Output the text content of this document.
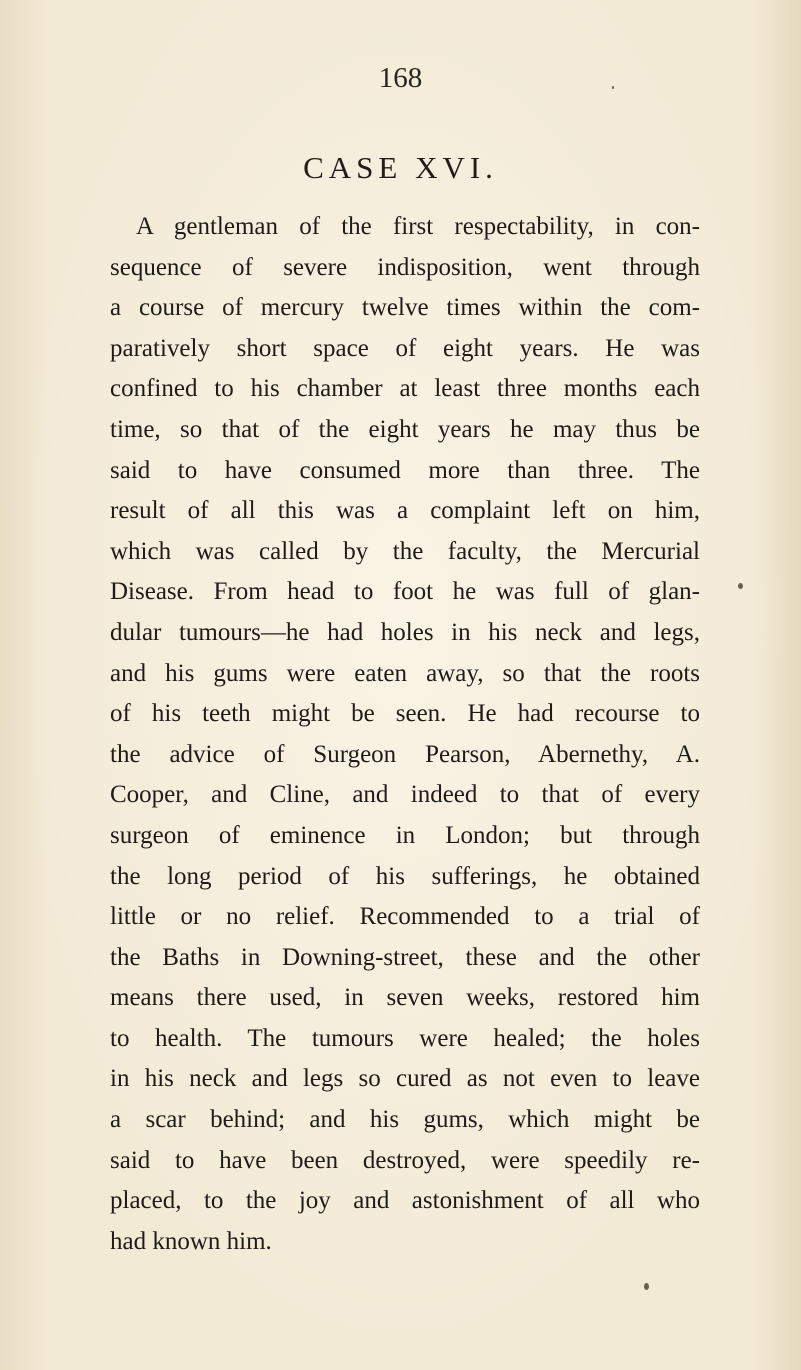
168
CASE XVI.
A gentleman of the first respectability, in con-
sequence of severe indisposition, went through
a course of mercury twelve times within the com-
paratively short space of eight years. He was
confined to his chamber at least three months each
time, so that of the eight years he may thus be
said to have consumed more than three. The
result of all this was a complaint left on him,
which was called by the faculty, the Mercurial
Disease. From head to foot he was full of glan-
dular tumours—he had holes in his neck and legs,
and his gums were eaten away, so that the roots
of his teeth might be seen. He had recourse to
the advice of Surgeon Pearson, Abernethy, A.
Cooper, and Cline, and indeed to that of every
surgeon of eminence in London; but through
the long period of his sufferings, he obtained
little or no relief. Recommended to a trial of
the Baths in Downing-street, these and the other
means there used, in seven weeks, restored him
to health. The tumours were healed; the holes
in his neck and legs so cured as not even to leave
a scar behind; and his gums, which might be
said to have been destroyed, were speedily re-
placed, to the joy and astonishment of all who
had known him.
